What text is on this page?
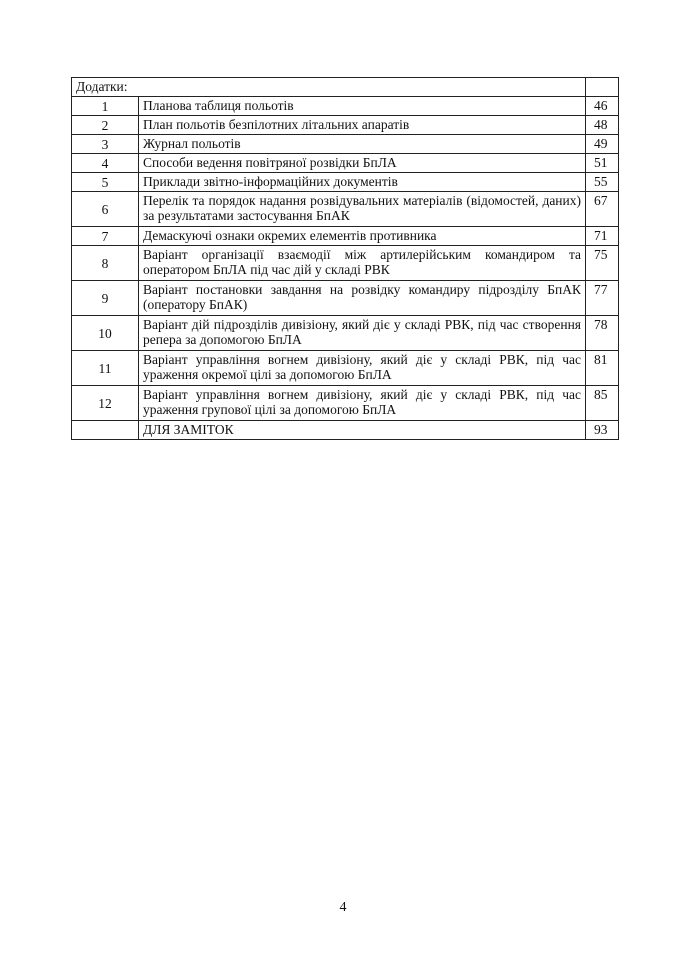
Додатки:		
1	Планова таблиця польотів	46
2	План польотів безпілотних літальних апаратів	48
3	Журнал польотів	49
4	Способи ведення повітряної розвідки БпЛА	51
5	Приклади звітно-інформаційних документів	55
6	Перелік та порядок надання розвідувальних матеріалів (відомостей, даних) за результатами застосування БпАК	67
7	Демаскуючі ознаки окремих елементів противника	71
8	Варіант організації взаємодії між артилерійським командиром та оператором БпЛА під час дій у складі РВК	75
9	Варіант постановки завдання на розвідку командиру підрозділу БпАК (оператору БпАК)	77
10	Варіант дій підрозділів дивізіону, який діє у складі РВК, під час створення репера за допомогою БпЛА	78
11	Варіант управління вогнем дивізіону, який діє у складі РВК, під час ураження окремої цілі за допомогою БпЛА	81
12	Варіант управління вогнем дивізіону, який діє у складі РВК, під час ураження групової цілі за допомогою БпЛА	85
	ДЛЯ ЗАМІТОК	93
4
